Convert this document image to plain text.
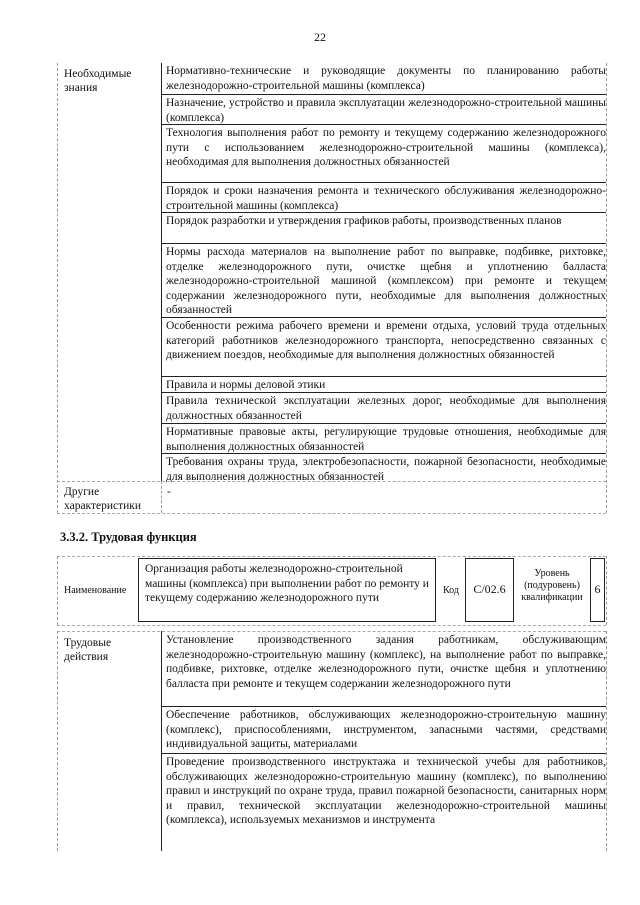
22
Необходимые знания
Нормативно-технические и руководящие документы по планированию работы железнодорожно-строительной машины (комплекса)
Назначение, устройство и правила эксплуатации железнодорожно-строительной машины (комплекса)
Технология выполнения работ по ремонту и текущему содержанию железнодорожного пути с использованием железнодорожно-строительной машины (комплекса), необходимая для выполнения должностных обязанностей
Порядок и сроки назначения ремонта и технического обслуживания железнодорожно-строительной машины (комплекса)
Порядок разработки и утверждения графиков работы, производственных планов
Нормы расхода материалов на выполнение работ по выправке, подбивке, рихтовке, отделке железнодорожного пути, очистке щебня и уплотнению балласта железнодорожно-строительной машиной (комплексом) при ремонте и текущем содержании железнодорожного пути, необходимые для выполнения должностных обязанностей
Особенности режима рабочего времени и времени отдыха, условий труда отдельных категорий работников железнодорожного транспорта, непосредственно связанных с движением поездов, необходимые для выполнения должностных обязанностей
Правила и нормы деловой этики
Правила технической эксплуатации железных дорог, необходимые для выполнения должностных обязанностей
Нормативные правовые акты, регулирующие трудовые отношения, необходимые для выполнения должностных обязанностей
Требования охраны труда, электробезопасности, пожарной безопасности, необходимые для выполнения должностных обязанностей
Другие характеристики
-
3.3.2. Трудовая функция
Наименование
Организация работы железнодорожно-строительной машины (комплекса) при выполнении работ по ремонту и текущему содержанию железнодорожного пути
Код	С/02.6
Уровень (подуровень) квалификации
6
Трудовые действия
Установление производственного задания работникам, обслуживающим железнодорожно-строительную машину (комплекс), на выполнение работ по выправке, подбивке, рихтовке, отделке железнодорожного пути, очистке щебня и уплотнению балласта при ремонте и текущем содержании железнодорожного пути
Обеспечение работников, обслуживающих железнодорожно-строительную машину (комплекс), приспособлениями, инструментом, запасными частями, средствами индивидуальной защиты, материалами
Проведение производственного инструктажа и технической учебы для работников, обслуживающих железнодорожно-строительную машину (комплекс), по выполнению правил и инструкций по охране труда, правил пожарной безопасности, санитарных норм и правил, технической эксплуатации железнодорожно-строительной машины (комплекса), используемых механизмов и инструмента
